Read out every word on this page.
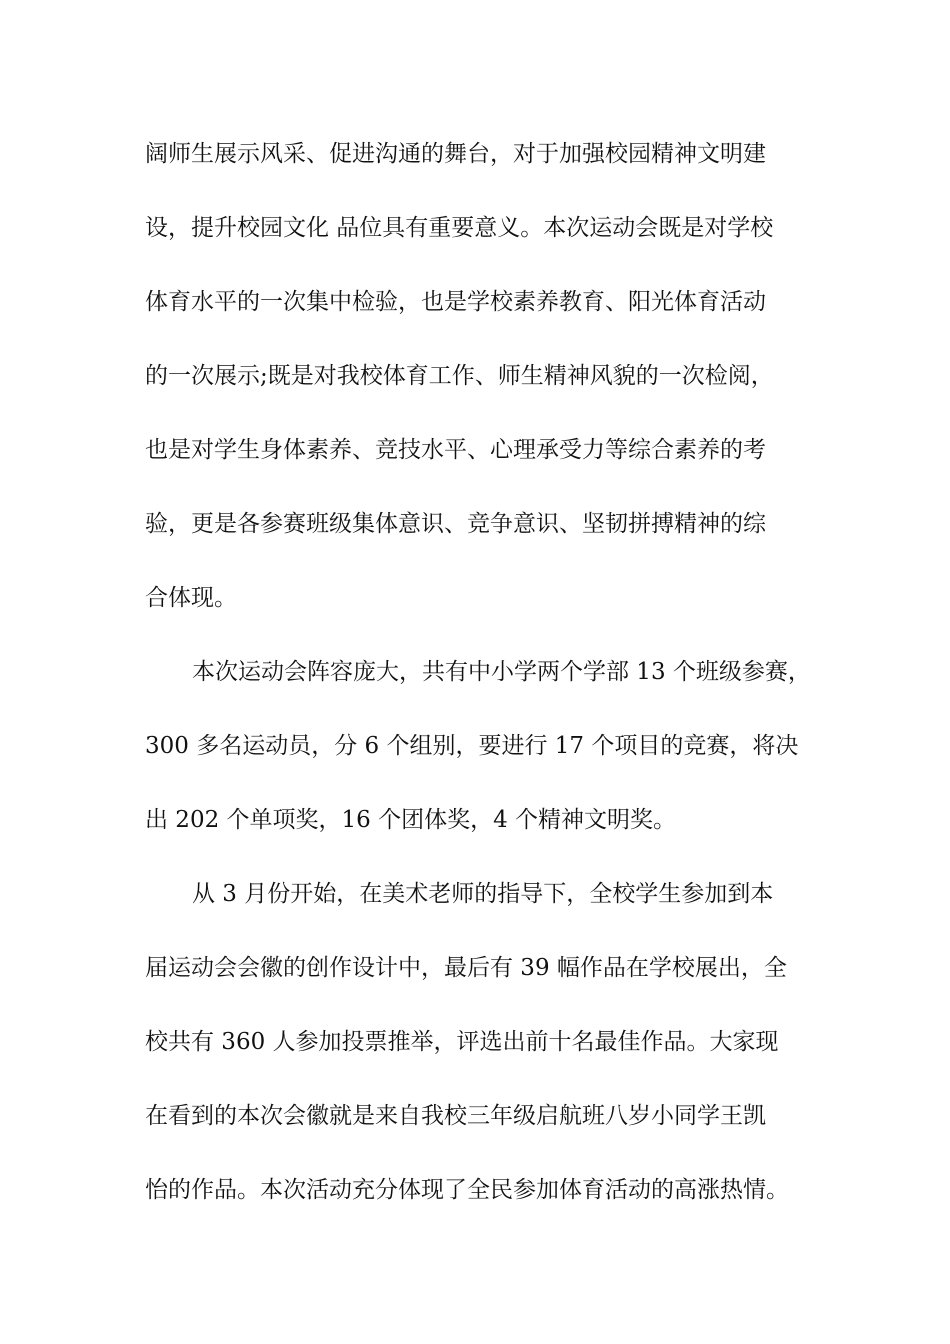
阔师生展示风采、促进沟通的舞台，对于加强校园精神文明建
设，提升校园文化 品位具有重要意义。本次运动会既是对学校
体育水平的一次集中检验，也是学校素养教育、阳光体育活动
的一次展示;既是对我校体育工作、师生精神风貌的一次检阅，
也是对学生身体素养、竞技水平、心理承受力等综合素养的考
验，更是各参赛班级集体意识、竞争意识、坚韧拼搏精神的综
合体现。
本次运动会阵容庞大，共有中小学两个学部 13 个班级参赛，
300 多名运动员，分 6 个组别，要进行 17 个项目的竞赛，将决
出 202 个单项奖，16 个团体奖，4 个精神文明奖。
从 3 月份开始，在美术老师的指导下，全校学生参加到本
届运动会会徽的创作设计中，最后有 39 幅作品在学校展出，全
校共有 360 人参加投票推举，评选出前十名最佳作品。大家现
在看到的本次会徽就是来自我校三年级启航班八岁小同学王凯
怡的作品。本次活动充分体现了全民参加体育活动的高涨热情。
